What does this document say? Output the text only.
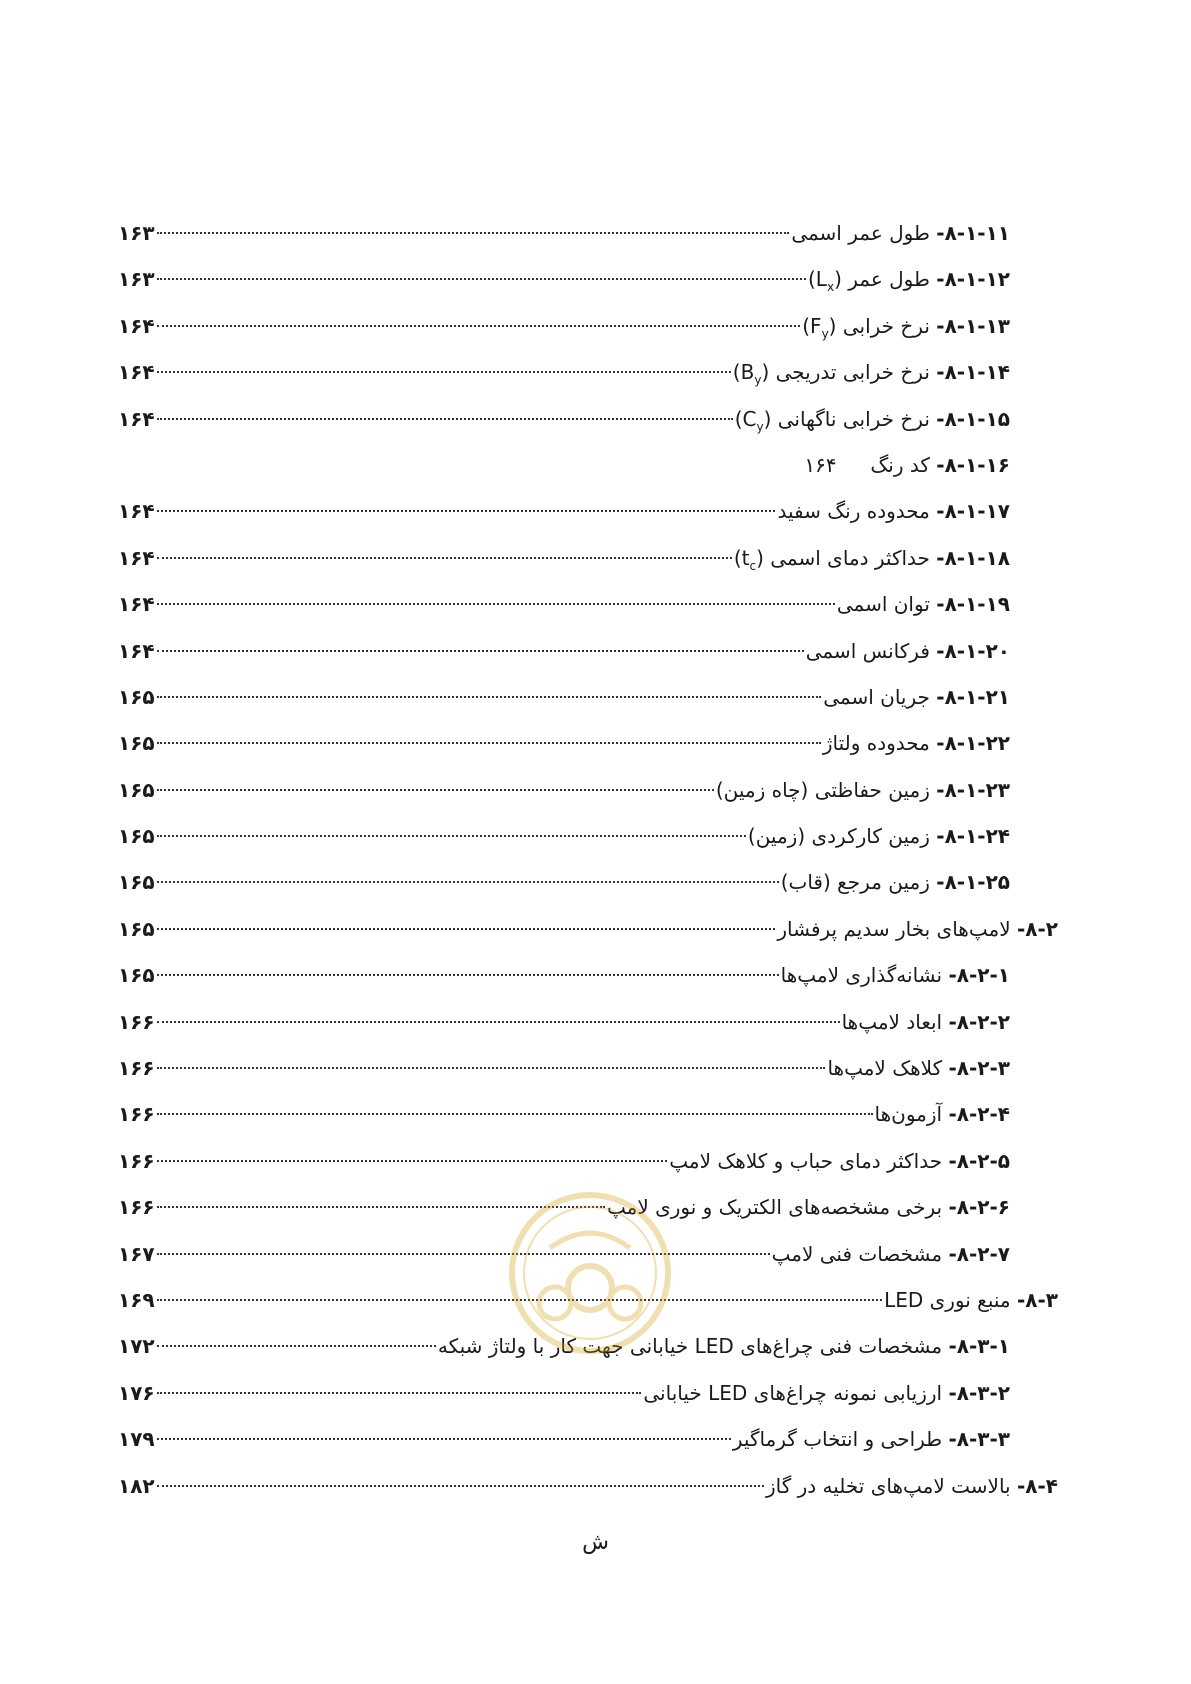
۸-۱-۱۱- طول عمر اسمی
۱۶۳
۸-۱-۱۲- طول عمر $(L_x)$
۱۶۳
۸-۱-۱۳- نرخ خرابی $(F_y)$
۱۶۴
۸-۱-۱۴- نرخ خرابی تدریجی $(B_y)$
۱۶۴
۸-۱-۱۵- نرخ خرابی ناگهانی $(C_y)$
۱۶۴
۸-۱-۱۶- کد رنگ
۱۶۴
۸-۱-۱۷- محدوده رنگ سفید
۱۶۴
۸-۱-۱۸- حداکثر دمای اسمی $(t_c)$
۱۶۴
۸-۱-۱۹- توان اسمی
۱۶۴
۸-۱-۲۰- فرکانس اسمی
۱۶۴
۸-۱-۲۱- جریان اسمی
۱۶۵
۸-۱-۲۲- محدوده ولتاژ
۱۶۵
۸-۱-۲۳- زمین حفاظتی (چاه زمین)
۱۶۵
۸-۱-۲۴- زمین کارکردی (زمین)
۱۶۵
۸-۱-۲۵- زمین مرجع (قاب)
۱۶۵
۸-۲- لامپ‌های بخار سدیم پرفشار
۱۶۵
۸-۲-۱- نشانه‌گذاری لامپ‌ها
۱۶۵
۸-۲-۲- ابعاد لامپ‌ها
۱۶۶
۸-۲-۳- کلاهک لامپ‌ها
۱۶۶
۸-۲-۴- آزمون‌ها
۱۶۶
۸-۲-۵- حداکثر دمای حباب و کلاهک لامپ
۱۶۶
۸-۲-۶- برخی مشخصه‌های الکتریک و نوری لامپ
۱۶۶
۸-۲-۷- مشخصات فنی لامپ
۱۶۷
۸-۳- منبع نوری LED
۱۶۹
۸-۳-۱- مشخصات فنی چراغ‌های LED خیابانی جهت کار با ولتاژ شبکه
۱۷۲
۸-۳-۲- ارزیابی نمونه چراغ‌های LED خیابانی
۱۷۶
۸-۳-۳- طراحی و انتخاب گرماگیر
۱۷۹
۸-۴- بالاست لامپ‌های تخلیه در گاز
۱۸۲
ش
